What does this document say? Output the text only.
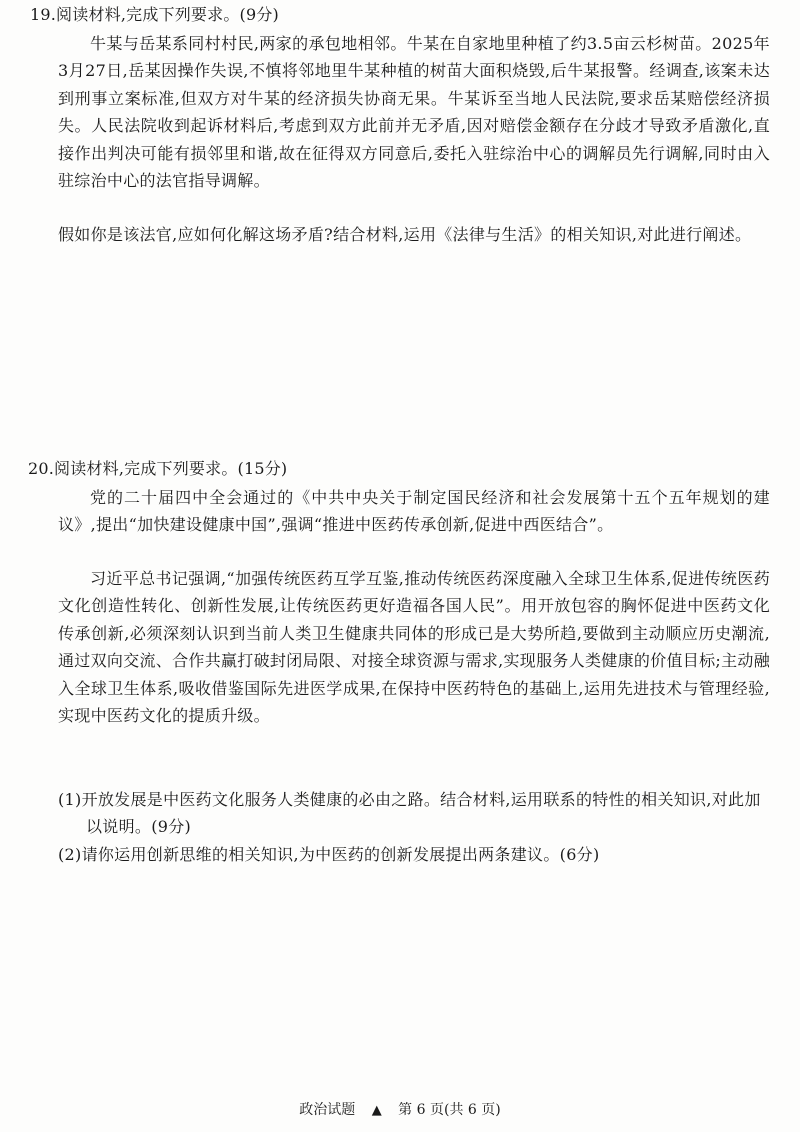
19.阅读材料,完成下列要求。(9分)

牛某与岳某系同村村民,两家的承包地相邻。牛某在自家地里种植了约3.5亩云杉树苗。2025年3月27日,岳某因操作失误,不慎将邻地里牛某种植的树苗大面积烧毁,后牛某报警。经调查,该案未达到刑事立案标准,但双方对牛某的经济损失协商无果。牛某诉至当地人民法院,要求岳某赔偿经济损失。人民法院收到起诉材料后,考虑到双方此前并无矛盾,因对赔偿金额存在分歧才导致矛盾激化,直接作出判决可能有损邻里和谐,故在征得双方同意后,委托入驻综治中心的调解员先行调解,同时由入驻综治中心的法官指导调解。

假如你是该法官,应如何化解这场矛盾?结合材料,运用《法律与生活》的相关知识,对此进行阐述。

20.阅读材料,完成下列要求。(15分)

党的二十届四中全会通过的《中共中央关于制定国民经济和社会发展第十五个五年规划的建议》,提出“加快建设健康中国”,强调“推进中医药传承创新,促进中西医结合”。

习近平总书记强调,“加强传统医药互学互鉴,推动传统医药深度融入全球卫生体系,促进传统医药文化创造性转化、创新性发展,让传统医药更好造福各国人民”。用开放包容的胸怀促进中医药文化传承创新,必须深刻认识到当前人类卫生健康共同体的形成已是大势所趋,要做到主动顺应历史潮流,通过双向交流、合作共赢打破封闭局限、对接全球资源与需求,实现服务人类健康的价值目标;主动融入全球卫生体系,吸收借鉴国际先进医学成果,在保持中医药特色的基础上,运用先进技术与管理经验,实现中医药文化的提质升级。

(1)开放发展是中医药文化服务人类健康的必由之路。结合材料,运用联系的特性的相关知识,对此加以说明。(9分)

(2)请你运用创新思维的相关知识,为中医药的创新发展提出两条建议。(6分)

政治试题 ▲ 第 6 页(共 6 页)
